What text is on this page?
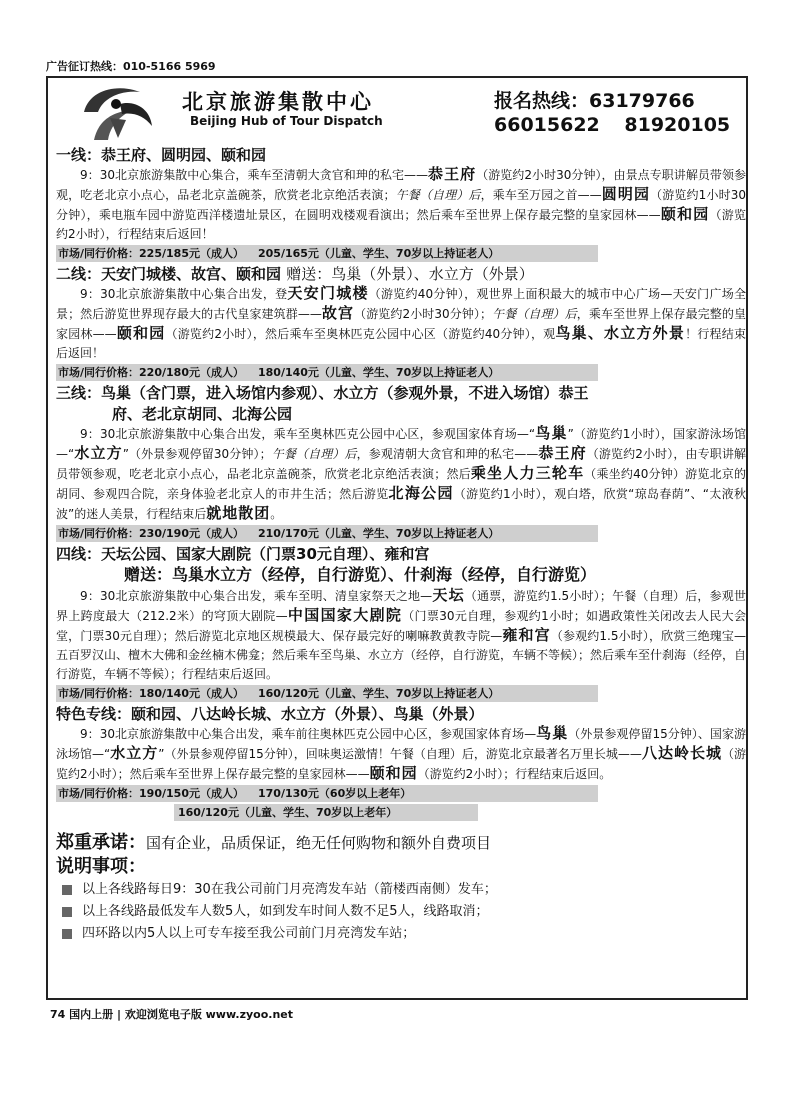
广告征订热线：010-5166 5969
北京旅游集散中心
Beijing Hub of Tour Dispatch
报名热线：63179766
66015622 81920105
一线：恭王府、圆明园、颐和园

9：30北京旅游集散中心集合，乘车至清朝大贪官和珅的私宅——恭王府（游览约2小时30分钟），由景点专职讲解员带领参观，吃老北京小点心，品老北京盖碗茶，欣赏老北京绝活表演；午餐（自理）后，乘车至万园之首——圆明园（游览约1小时30分钟），乘电瓶车园中游览西洋楼遗址景区，在圆明戏楼观看演出；然后乘车至世界上保存最完整的皇家园林——颐和园（游览约2小时），行程结束后返回！

市场/同行价格：225/185元（成人） 205/165元（儿童、学生、70岁以上持证老人）
二线：天安门城楼、故宫、颐和园 赠送：鸟巢（外景）、水立方（外景）

9：30北京旅游集散中心集合出发，登天安门城楼（游览约40分钟），观世界上面积最大的城市中心广场—天安门广场全景；然后游览世界现存最大的古代皇家建筑群——故宫（游览约2小时30分钟）；午餐（自理）后，乘车至世界上保存最完整的皇家园林——颐和园（游览约2小时），然后乘车至奥林匹克公园中心区（游览约40分钟），观鸟巢、水立方外景！行程结束后返回！

市场/同行价格：220/180元（成人） 180/140元（儿童、学生、70岁以上持证老人）
三线：鸟巢（含门票，进入场馆内参观）、水立方（参观外景，不进入场馆）恭王
府、老北京胡同、北海公园

9：30北京旅游集散中心集合出发，乘车至奥林匹克公园中心区，参观国家体育场—“鸟巢”（游览约1小时），国家游泳场馆—“水立方”（外景参观停留30分钟）；午餐（自理）后，参观清朝大贪官和珅的私宅——恭王府（游览约2小时），由专职讲解员带领参观，吃老北京小点心，品老北京盖碗茶，欣赏老北京绝活表演；然后乘坐人力三轮车（乘坐约40分钟）游览北京的胡同、参观四合院，亲身体验老北京人的市井生活；然后游览北海公园（游览约1小时），观白塔，欣赏“琼岛春荫”、“太液秋波”的迷人美景，行程结束后就地散团。

市场/同行价格：230/190元（成人） 210/170元（儿童、学生、70岁以上持证老人）
四线：天坛公园、国家大剧院（门票30元自理）、雍和宫
赠送：鸟巢水立方（经停，自行游览）、什刹海（经停，自行游览）

9：30北京旅游集散中心集合出发，乘车至明、清皇家祭天之地—天坛（通票，游览约1.5小时）；午餐（自理）后，参观世界上跨度最大（212.2米）的穹顶大剧院—中国国家大剧院（门票30元自理，参观约1小时；如遇政策性关闭改去人民大会堂，门票30元自理）；然后游览北京地区规模最大、保存最完好的喇嘛教黄教寺院—雍和宫（参观约1.5小时），欣赏三绝瑰宝—五百罗汉山、檀木大佛和金丝楠木佛龛；然后乘车至鸟巢、水立方（经停，自行游览，车辆不等候）；然后乘车至什刹海（经停，自行游览，车辆不等候）；行程结束后返回。

市场/同行价格：180/140元（成人） 160/120元（儿童、学生、70岁以上持证老人）
特色专线：颐和园、八达岭长城、水立方（外景）、鸟巢（外景）

9：30北京旅游集散中心集合出发，乘车前往奥林匹克公园中心区，参观国家体育场—鸟巢（外景参观停留15分钟）、国家游泳场馆—“水立方”（外景参观停留15分钟），回味奥运激情！午餐（自理）后，游览北京最著名万里长城——八达岭长城（游览约2小时）；然后乘车至世界上保存最完整的皇家园林——颐和园（游览约2小时）；行程结束后返回。

市场/同行价格：190/150元（成人） 170/130元（60岁以上老年）
160/120元（儿童、学生、70岁以上老年）
郑重承诺：国有企业，品质保证，绝无任何购物和额外自费项目
说明事项：
以上各线路每日9：30在我公司前门月亮湾发车站（箭楼西南侧）发车；
以上各线路最低发车人数5人，如到发车时间人数不足5人，线路取消；
四环路以内5人以上可专车接至我公司前门月亮湾发车站；
74 国内上册 | 欢迎浏览电子版 www.zyoo.net
